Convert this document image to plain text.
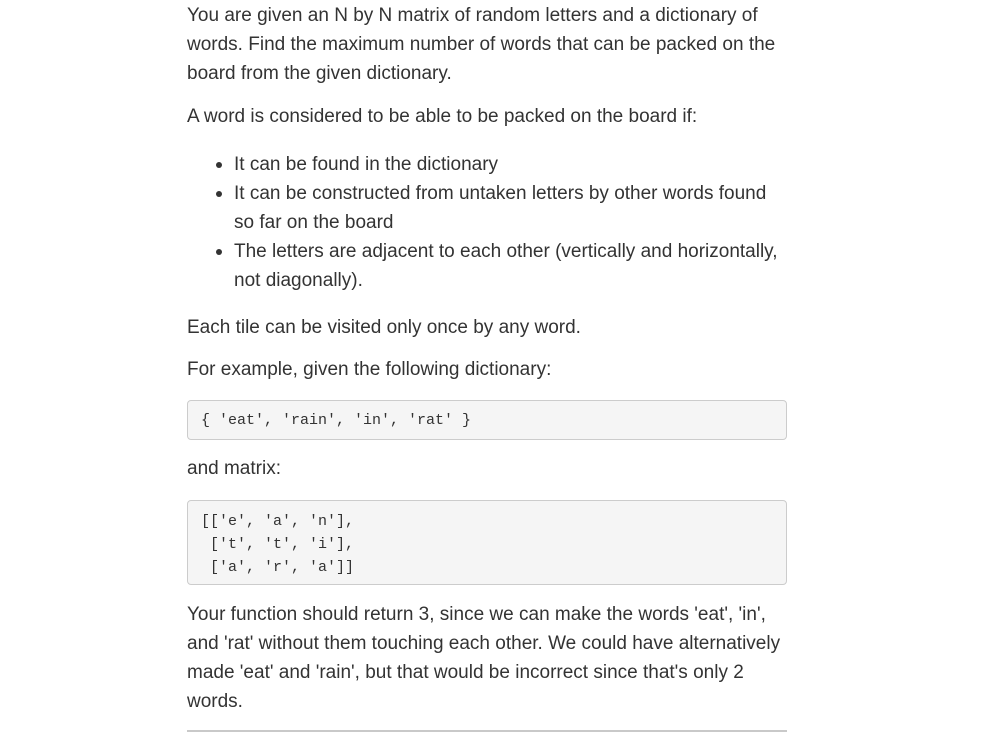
You are given an N by N matrix of random letters and a dictionary of words. Find the maximum number of words that can be packed on the board from the given dictionary.

A word is considered to be able to be packed on the board if:

It can be found in the dictionary
It can be constructed from untaken letters by other words found so far on the board
The letters are adjacent to each other (vertically and horizontally, not diagonally).

Each tile can be visited only once by any word.

For example, given the following dictionary:

{ 'eat', 'rain', 'in', 'rat' }

and matrix:

[['e', 'a', 'n'],
['t', 't', 'i'],
['a', 'r', 'a']]

Your function should return 3, since we can make the words 'eat', 'in', and 'rat' without them touching each other. We could have alternatively made 'eat' and 'rain', but that would be incorrect since that's only 2 words.
